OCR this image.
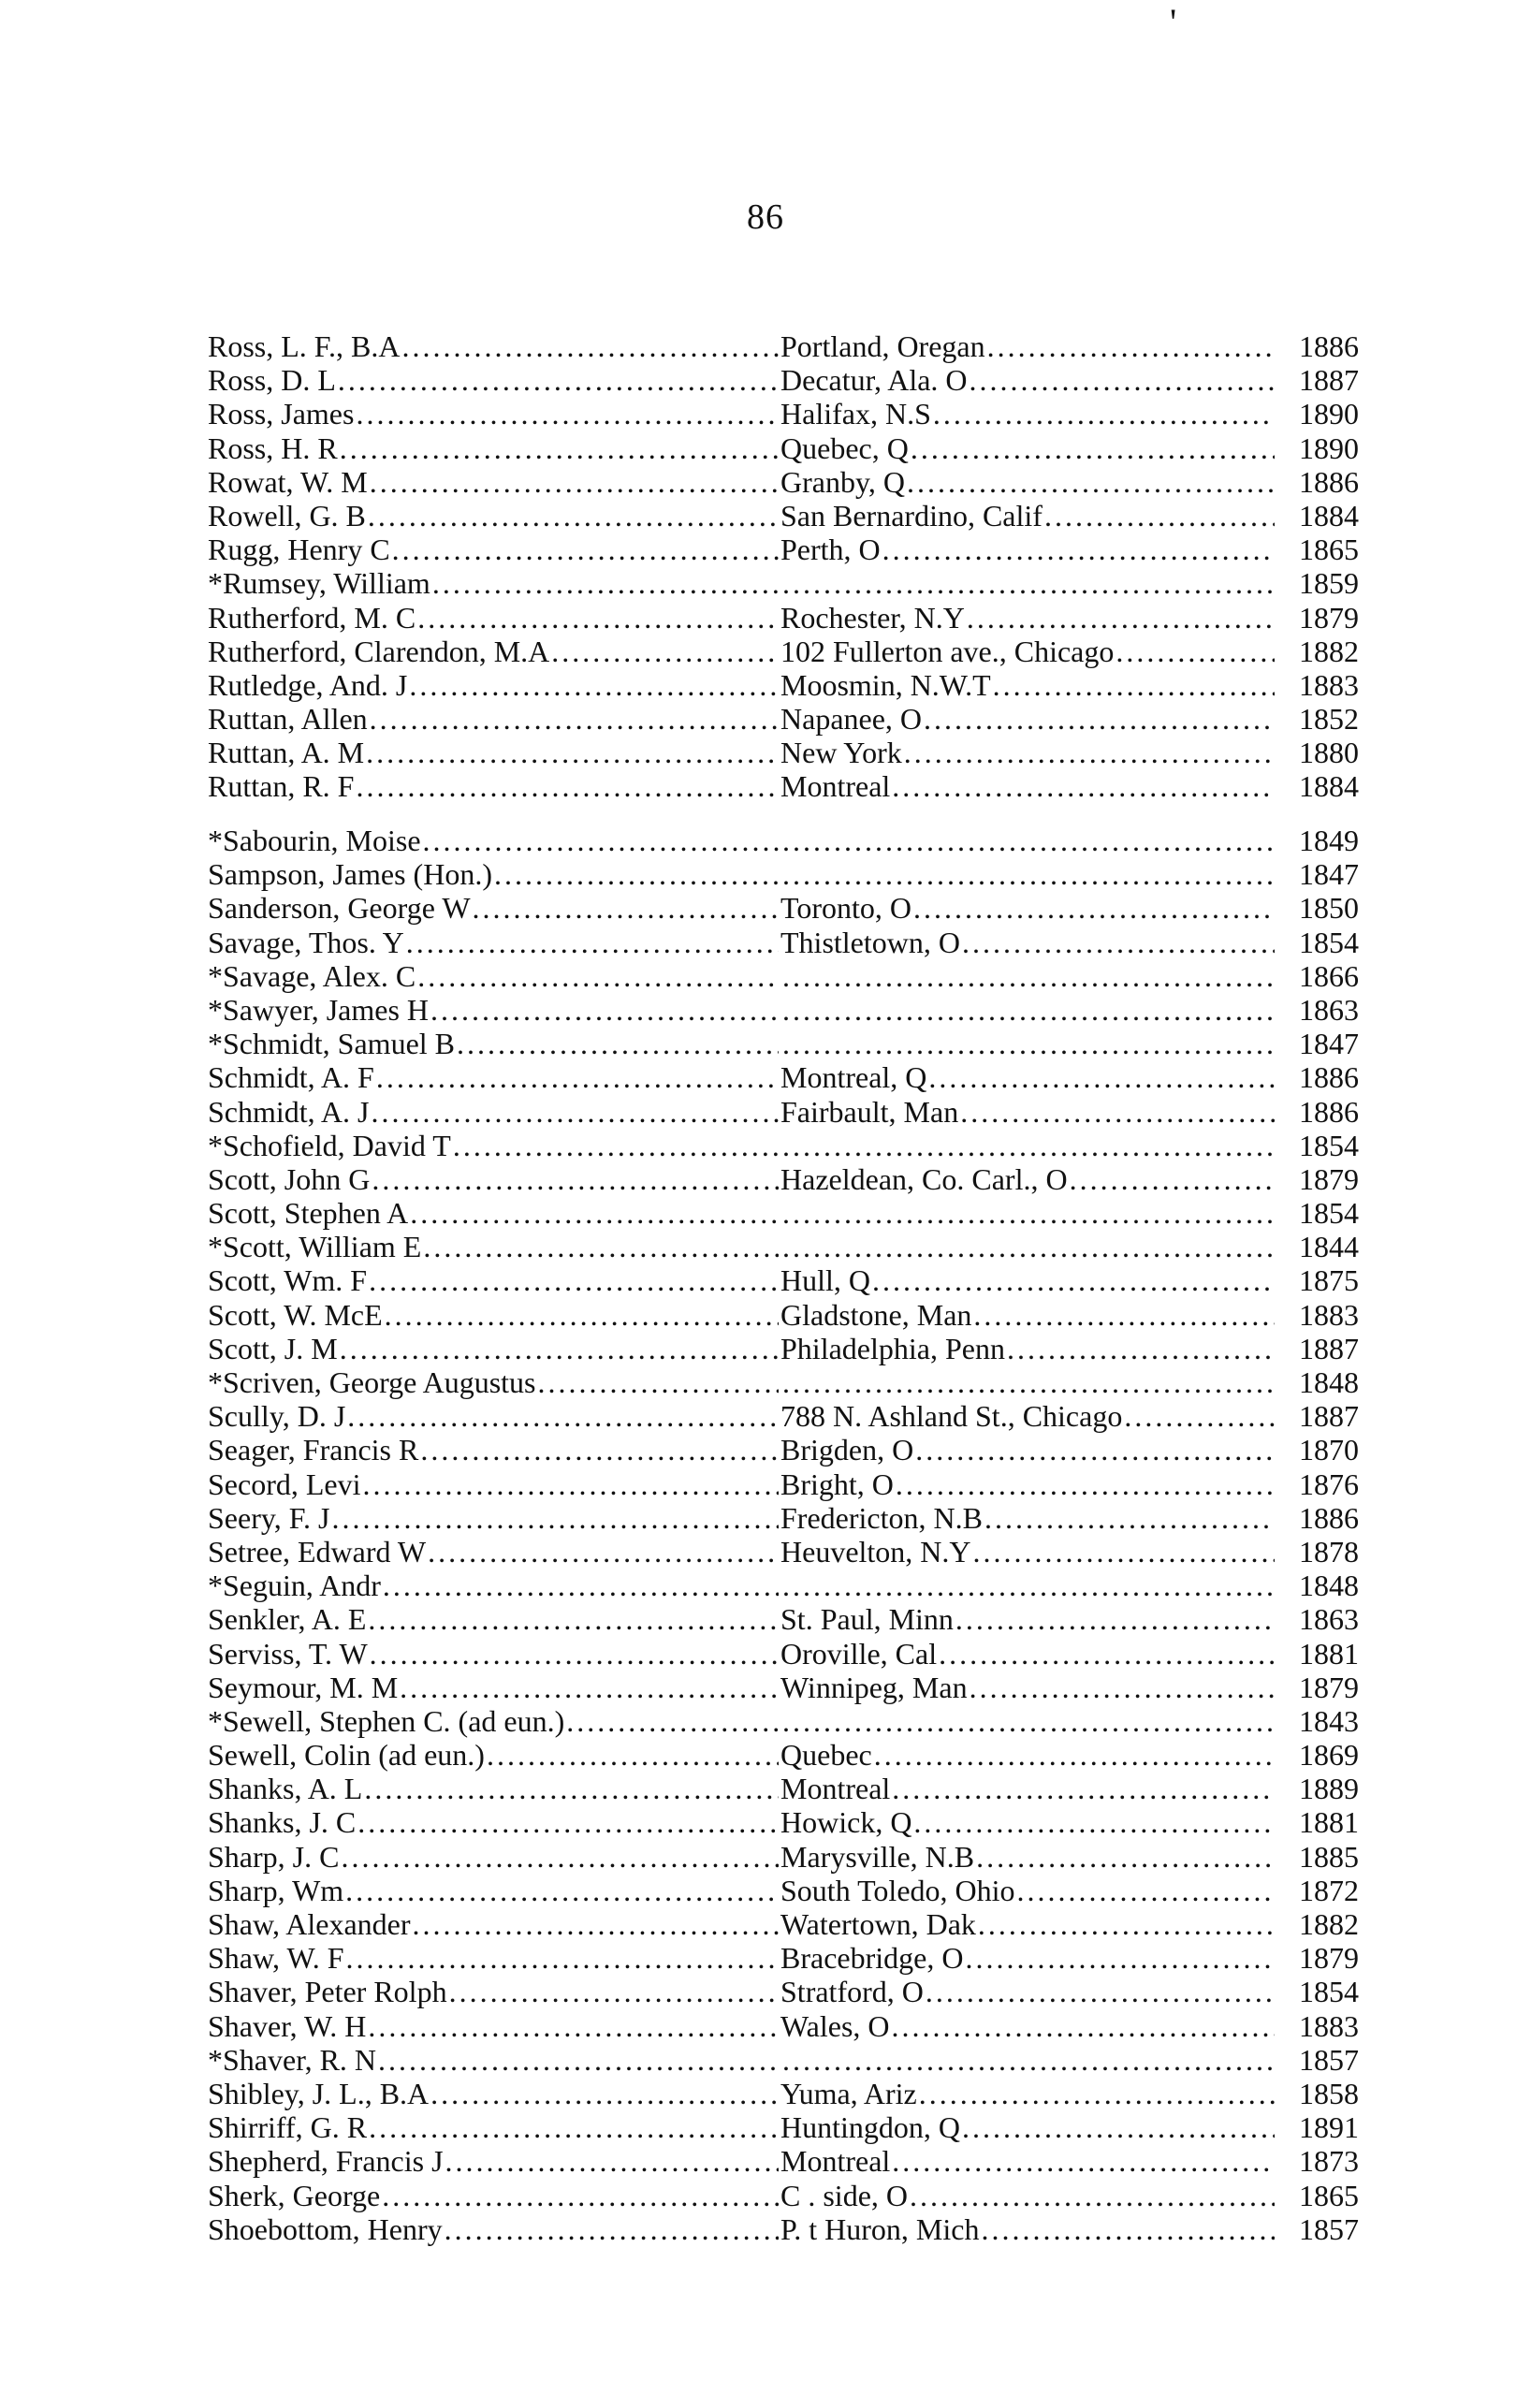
'
86
Ross, L. F., B.A .....	Portland, Oregan .....	1886
Ross, D. L .....	Decatur, Ala. O .....	1887
Ross, James .....	Halifax, N.S .....	1890
Ross, H. R .....	Quebec, Q .....	1890
Rowat, W. M .....	Granby, Q .....	1886
Rowell, G. B .....	San Bernardino, Calif .....	1884
Rugg, Henry C .....	Perth, O .....	1865
*Rumsey, William ..... .....	1859
Rutherford, M. C .....	Rochester, N.Y .....	1879
Rutherford, Clarendon, M.A .....	102 Fullerton ave., Chicago .....	1882
Rutledge, And. J .....	Moosmin, N.W.T .....	1883
Ruttan, Allen .....	Napanee, O .....	1852
Ruttan, A. M .....	New York .....	1880
Ruttan, R. F .....	Montreal .....	1884
*Sabourin, Moise ..... .....	1849
Sampson, James (Hon.) ..... .....	1847
Sanderson, George W .....	Toronto, O .....	1850
Savage, Thos. Y .....	Thistletown, O .....	1854
*Savage, Alex. C ..... .....	1866
*Sawyer, James H ..... .....	1863
*Schmidt, Samuel B ..... .....	1847
Schmidt, A. F .....	Montreal, Q .....	1886
Schmidt, A. J .....	Fairbault, Man .....	1886
*Schofield, David T ..... .....	1854
Scott, John G .....	Hazeldean, Co. Carl., O .....	1879
Scott, Stephen A ..... .....	1854
*Scott, William E ..... .....	1844
Scott, Wm. F .....	Hull, Q .....	1875
Scott, W. McE .....	Gladstone, Man .....	1883
Scott, J. M .....	Philadelphia, Penn .....	1887
*Scriven, George Augustus ..... .....	1848
Scully, D. J .....	788 N. Ashland St., Chicago .....	1887
Seager, Francis R .....	Brigden, O .....	1870
Secord, Levi .....	Bright, O .....	1876
Seery, F. J .....	Fredericton, N.B .....	1886
Setree, Edward W .....	Heuvelton, N.Y .....	1878
*Seguin, Andr ..... .....	1848
Senkler, A. E .....	St. Paul, Minn .....	1863
Serviss, T. W .....	Oroville, Cal .....	1881
Seymour, M. M .....	Winnipeg, Man .....	1879
*Sewell, Stephen C. (ad eun.) ..... .....	1843
Sewell, Colin (ad eun.) .....	Quebec .....	1869
Shanks, A. L .....	Montreal .....	1889
Shanks, J. C .....	Howick, Q .....	1881
Sharp, J. C .....	Marysville, N.B .....	1885
Sharp, Wm .....	South Toledo, Ohio .....	1872
Shaw, Alexander .....	Watertown, Dak .....	1882
Shaw, W. F .....	Bracebridge, O .....	1879
Shaver, Peter Rolph .....	Stratford, O .....	1854
Shaver, W. H .....	Wales, O .....	1883
*Shaver, R. N ..... .....	1857
Shibley, J. L., B.A .....	Yuma, Ariz .....	1858
Shirriff, G. R .....	Huntingdon, Q .....	1891
Shepherd, Francis J .....	Montreal .....	1873
Sherk, George .....	C . side, O .....	1865
Shoebottom, Henry .....	P. t Huron, Mich .....	1857
